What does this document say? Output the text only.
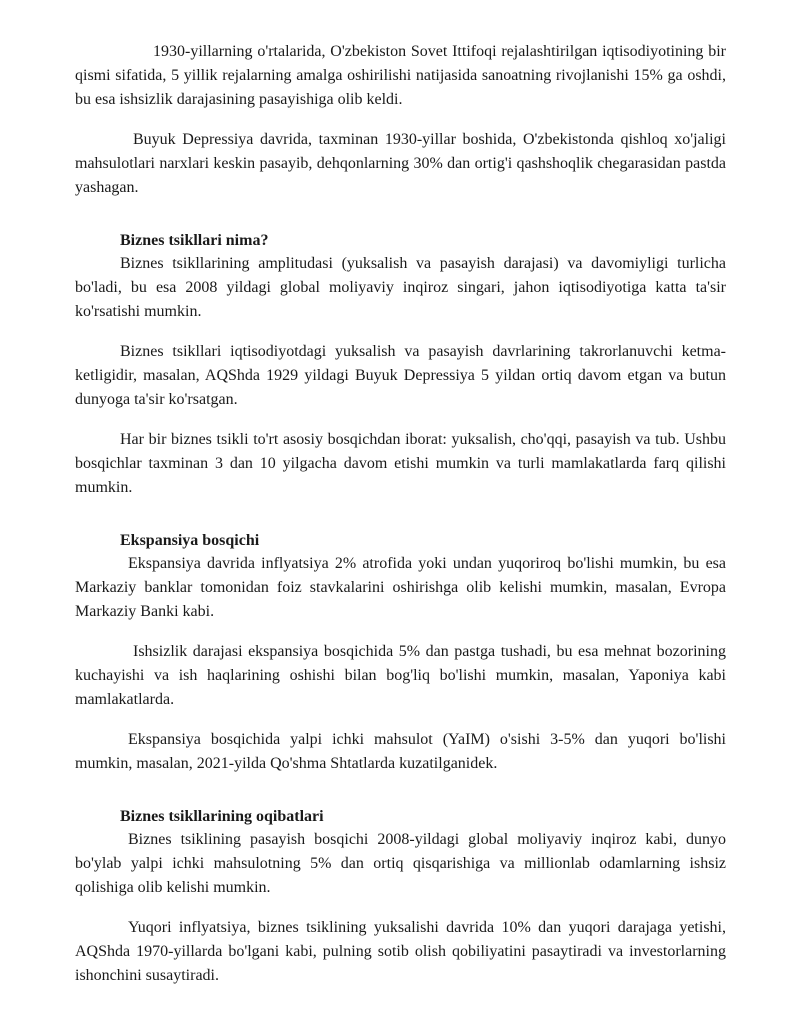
1930-yillarning o'rtalarida, O'zbekiston Sovet Ittifoqi rejalashtirilgan iqtisodiyotining bir qismi sifatida, 5 yillik rejalarning amalga oshirilishi natijasida sanoatning rivojlanishi 15% ga oshdi, bu esa ishsizlik darajasining pasayishiga olib keldi.

Buyuk Depressiya davrida, taxminan 1930-yillar boshida, O'zbekistonda qishloq xo'jaligi mahsulotlari narxlari keskin pasayib, dehqonlarning 30% dan ortig'i qashshoqlik chegarasidan pastda yashagan.

Biznes tsikllari nima?

Biznes tsikllarining amplitudasi (yuksalish va pasayish darajasi) va davomiyligi turlicha bo'ladi, bu esa 2008 yildagi global moliyaviy inqiroz singari, jahon iqtisodiyotiga katta ta'sir ko'rsatishi mumkin.

Biznes tsikllari iqtisodiyotdagi yuksalish va pasayish davrlarining takrorlanuvchi ketma-ketligidir, masalan, AQShda 1929 yildagi Buyuk Depressiya 5 yildan ortiq davom etgan va butun dunyoga ta'sir ko'rsatgan.

Har bir biznes tsikli to'rt asosiy bosqichdan iborat: yuksalish, cho'qqi, pasayish va tub. Ushbu bosqichlar taxminan 3 dan 10 yilgacha davom etishi mumkin va turli mamlakatlarda farq qilishi mumkin.

Ekspansiya bosqichi

Ekspansiya davrida inflyatsiya 2% atrofida yoki undan yuqoriroq bo'lishi mumkin, bu esa Markaziy banklar tomonidan foiz stavkalarini oshirishga olib kelishi mumkin, masalan, Evropa Markaziy Banki kabi.

Ishsizlik darajasi ekspansiya bosqichida 5% dan pastga tushadi, bu esa mehnat bozorining kuchayishi va ish haqlarining oshishi bilan bog'liq bo'lishi mumkin, masalan, Yaponiya kabi mamlakatlarda.

Ekspansiya bosqichida yalpi ichki mahsulot (YaIM) o'sishi 3-5% dan yuqori bo'lishi mumkin, masalan, 2021-yilda Qo'shma Shtatlarda kuzatilganidek.

Biznes tsikllarining oqibatlari

Biznes tsiklining pasayish bosqichi 2008-yildagi global moliyaviy inqiroz kabi, dunyo bo'ylab yalpi ichki mahsulotning 5% dan ortiq qisqarishiga va millionlab odamlarning ishsiz qolishiga olib kelishi mumkin.

Yuqori inflyatsiya, biznes tsiklining yuksalishi davrida 10% dan yuqori darajaga yetishi, AQShda 1970-yillarda bo'lgani kabi, pulning sotib olish qobiliyatini pasaytiradi va investorlarning ishonchini susaytiradi.
